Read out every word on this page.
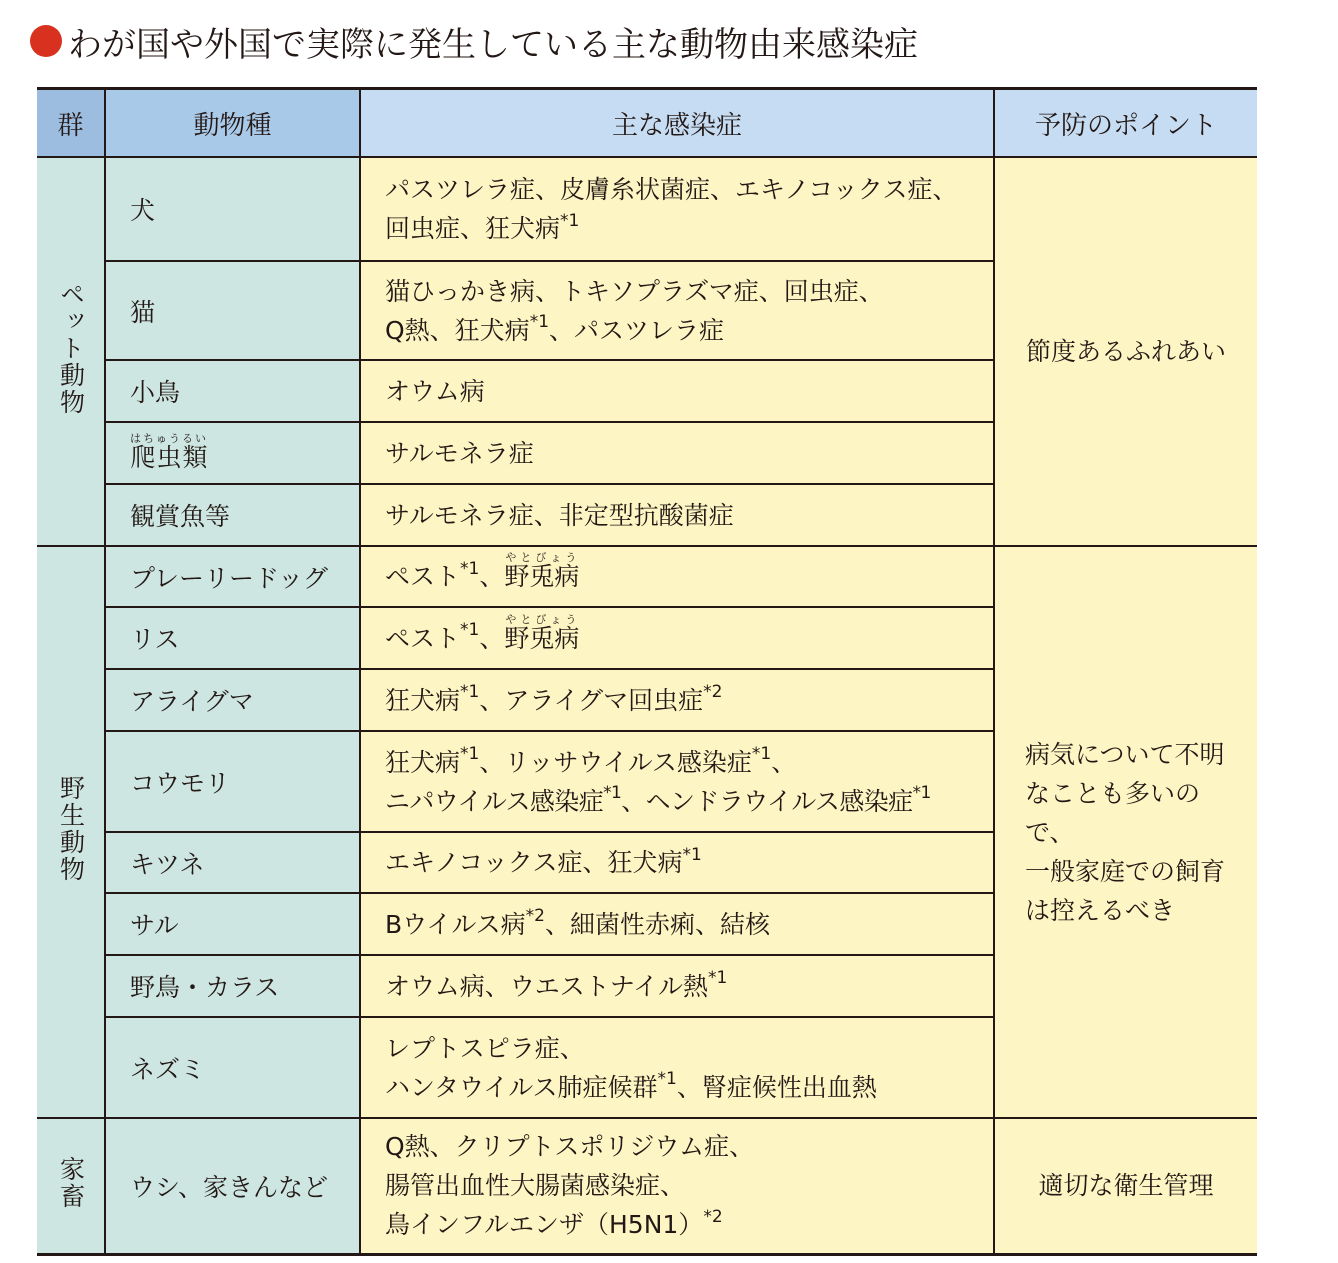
わが国や外国で実際に発生している主な動物由来感染症
群	動物種	主な感染症	予防のポイント
ペット動物	犬	パスツレラ症、皮膚糸状菌症、エキノコックス症、
回虫症、狂犬病$^{*1}$	節度あるふれあい
	猫	猫ひっかき病、トキソプラズマ症、回虫症、
Q熱、狂犬病$^{*1}$、パスツレラ症	
	小鳥	オウム病	
	爬虫類はちゅうるい	サルモネラ症	
	観賞魚等	サルモネラ症、非定型抗酸菌症	
野生動物	プレーリードッグ	ペスト$^{*1}$、野兎病やとびょう	病気について不明
なことも多いので、
一般家庭での飼育
は控えるべき
	リス	ペスト$^{*1}$、野兎病やとびょう	
	アライグマ	狂犬病$^{*1}$、アライグマ回虫症$^{*2}$
	コウモリ	狂犬病$^{*1}$、リッサウイルス感染症$^{*1}$、
ニパウイルス感染症$^{*1}$、ヘンドラウイルス感染症$^{*1}$
	キツネ	エキノコックス症、狂犬病$^{*1}$
	サル	Bウイルス病$^{*2}$、細菌性赤痢、結核	
	野鳥・カラス	オウム病、ウエストナイル熱$^{*1}$
	ネズミ	レプトスピラ症、
ハンタウイルス肺症候群$^{*1}$、腎症候性出血熱	
家畜	ウシ、家きんなど	Q熱、クリプトスポリジウム症、
腸管出血性大腸菌感染症、
鳥インフルエンザ$(H5N1)^{*2}$	適切な衛生管理
